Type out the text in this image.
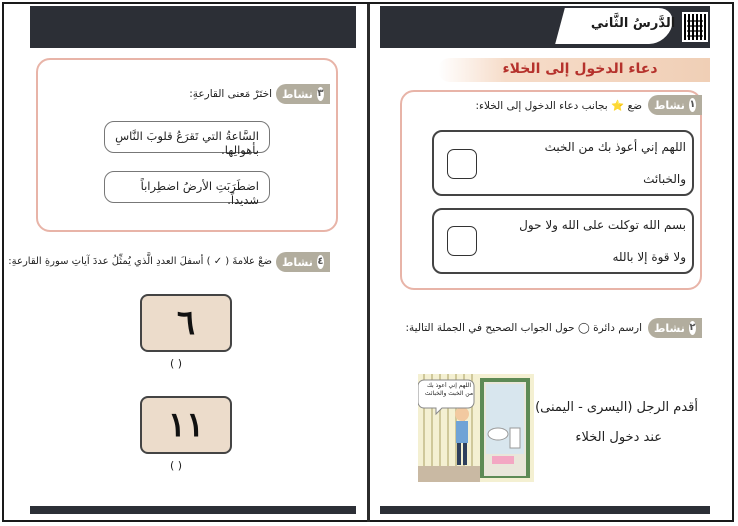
الدَّرسُ الثَّاني
دعاء الدخول إلى الخلاء
نشاط ١
ضع ⭐ بجانب دعاء الدخول إلى الخلاء:
اللهم إني أعوذ بك من الخبث
والخبائث
بسم الله توكلت على الله ولا حول
ولا قوة إلا بالله
نشاط ٢
ارسم دائرة ◯ حول الجواب الصحيح في الجملة التالية:
اللهم إني أعوذ بك من الخبث والخبائث
أقدم الرجل (اليسرى - اليمنى)
عند دخول الخلاء
نشاط ٣
اختَرْ مَعنى القارعةِ:
السَّاعةُ التي تَقرَعُ قلوبَ النَّاسِ بأهوالِها.
اضطَرَبَتِ الأرضُ اضطِراباً شديداً.
نشاط ٤
ضعْ علامةَ ( ✓ ) أسفلَ العددِ الَّذي يُمثِّلُ عددَ آياتِ سورةِ القارعةِ:
٦
( )
١١
( )
